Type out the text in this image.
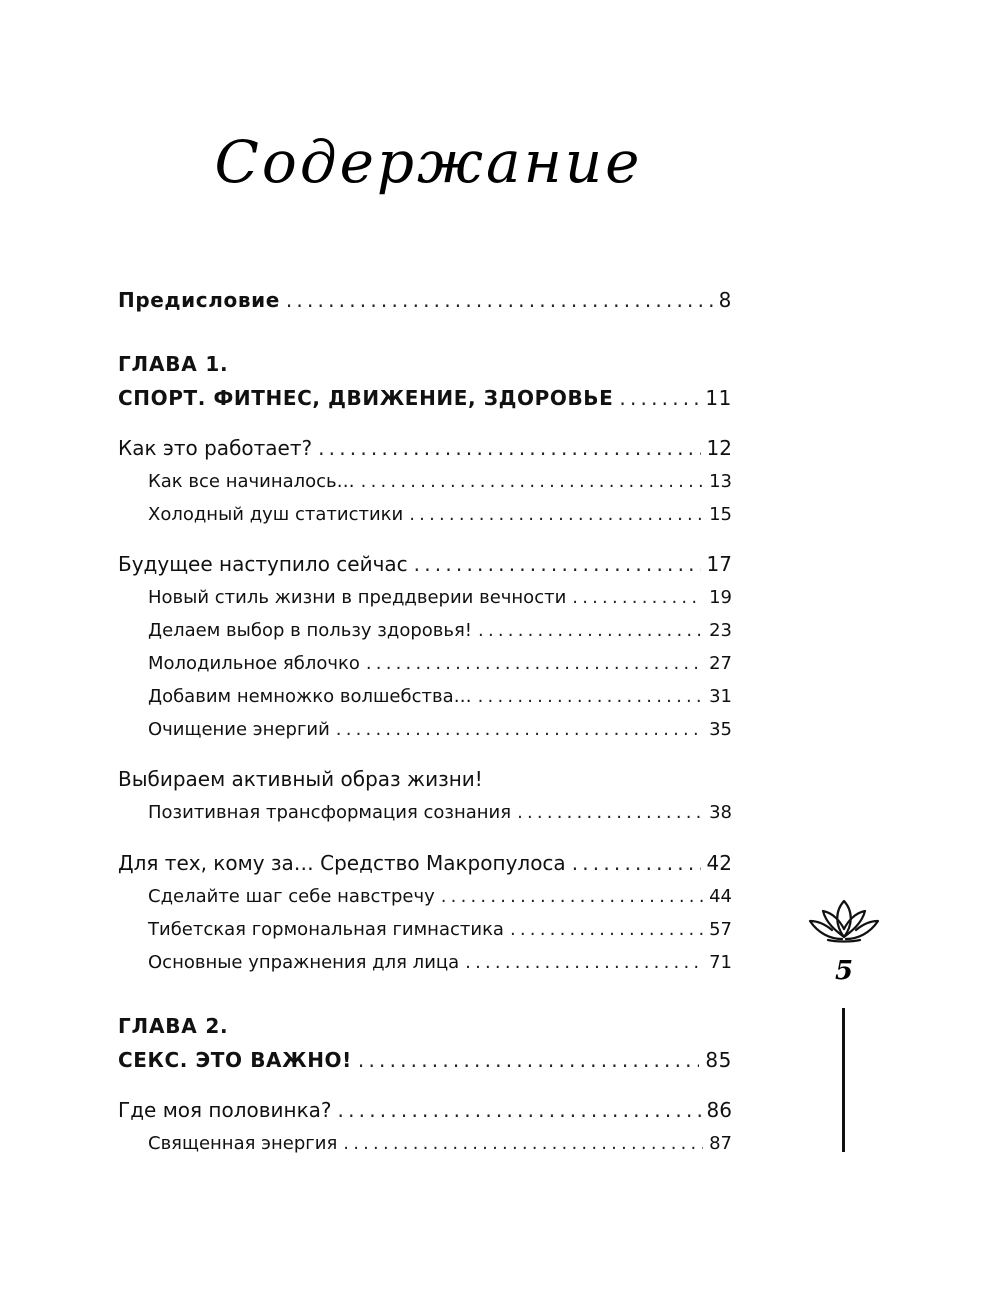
Содержание
Предисловие .....	8
ГЛАВА 1.
СПОРТ. ФИТНЕС, ДВИЖЕНИЕ, ЗДОРОВЬЕ .....	11
Как это работает? .....	12
Как все начиналось… .....	13
Холодный душ статистики .....	15
Будущее наступило сейчас .....	17
Новый стиль жизни в преддверии вечности .....	19
Делаем выбор в пользу здоровья! .....	23
Молодильное яблочко .....	27
Добавим немножко волшебства… .....	31
Очищение энергий .....	35
Выбираем активный образ жизни!
Позитивная трансформация сознания .....	38
Для тех, кому за… Средство Макропулоса .....	42
Сделайте шаг себе навстречу .....	44
Тибетская гормональная гимнастика .....	57
Основные упражнения для лица .....	71
ГЛАВА 2.
СЕКС. ЭТО ВАЖНО! .....	85
Где моя половинка? .....	86
Священная энергия .....	87
5
